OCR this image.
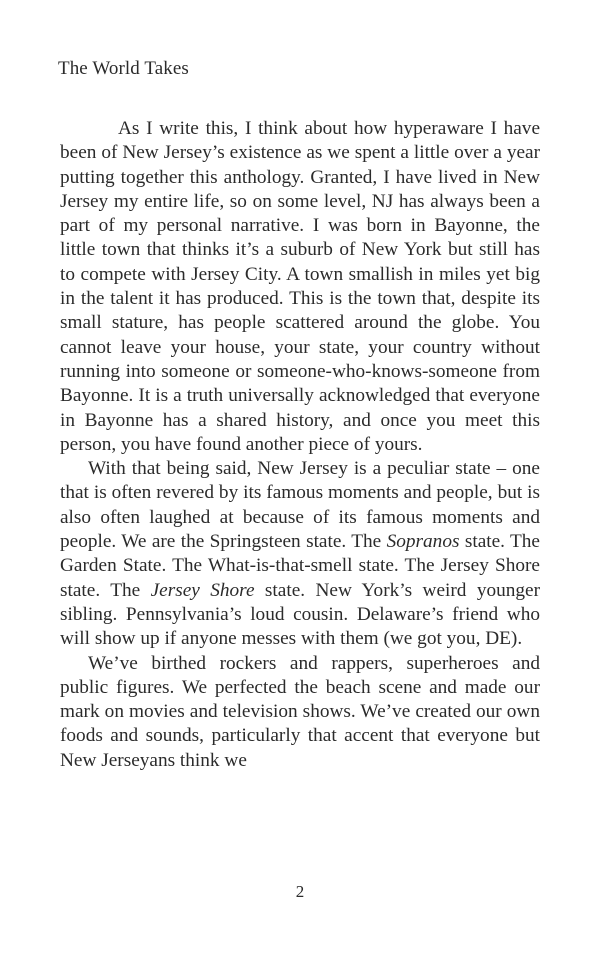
The World Takes

As I write this, I think about how hyperaware I have been of New Jersey’s existence as we spent a little over a year putting together this anthology. Granted, I have lived in New Jersey my entire life, so on some level, NJ has always been a part of my personal narrative. I was born in Bayonne, the little town that thinks it’s a suburb of New York but still has to compete with Jersey City. A town smallish in miles yet big in the talent it has produced. This is the town that, despite its small stature, has people scattered around the globe. You cannot leave your house, your state, your country without running into someone or someone-who-knows-someone from Bayonne. It is a truth universally acknowledged that everyone in Bayonne has a shared history, and once you meet this person, you have found another piece of yours.

With that being said, New Jersey is a peculiar state – one that is often revered by its famous moments and people, but is also often laughed at because of its famous moments and people. We are the Springsteen state. The Sopranos state. The Garden State. The What-is-that-smell state. The Jersey Shore state. The Jersey Shore state. New York’s weird younger sibling. Pennsylvania’s loud cousin. Delaware’s friend who will show up if anyone messes with them (we got you, DE).

We’ve birthed rockers and rappers, superheroes and public figures. We perfected the beach scene and made our mark on movies and television shows. We’ve created our own foods and sounds, particularly that accent that everyone but New Jerseyans think we

2
